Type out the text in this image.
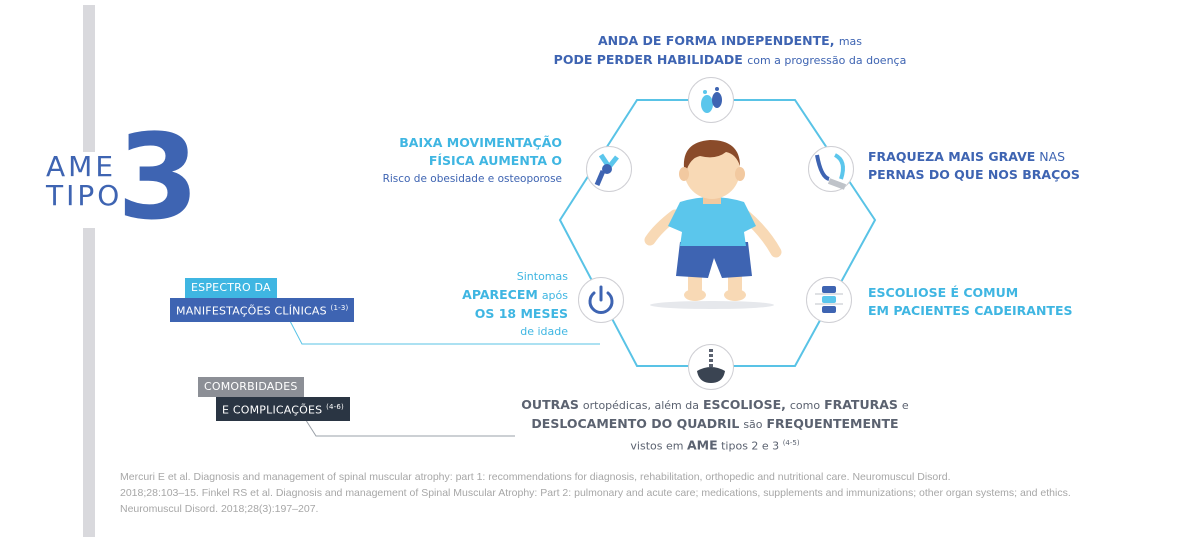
AME
TIPO
3
ANDA DE FORMA INDEPENDENTE, mas
PODE PERDER HABILIDADE com a progressão da doença
BAIXA MOVIMENTAÇÃO
FÍSICA AUMENTA O
Risco de obesidade e osteoporose
FRAQUEZA MAIS GRAVE NAS
PERNAS DO QUE NOS BRAÇOS
Sintomas
APARECEM após
OS 18 MESES
de idade
ESCOLIOSE É COMUM
EM PACIENTES CADEIRANTES
OUTRAS ortopédicas, além da ESCOLIOSE, como FRATURAS e
DESLOCAMENTO DO QUADRIL são FREQUENTEMENTE
vistos em AME tipos 2 e 3 $^{(4-5)}$
ESPECTRO DA
MANIFESTAÇÕES CLÍNICAS $^{(1-3)}$
COMORBIDADES
E COMPLICAÇÕES $^{(4-6)}$
Mercuri E et al. Diagnosis and management of spinal muscular atrophy: part 1: recommendations for diagnosis, rehabilitation, orthopedic and nutritional care. Neuromuscul Disord.
2018;28:103–15. Finkel RS et al. Diagnosis and management of Spinal Muscular Atrophy: Part 2: pulmonary and acute care; medications, supplements and immunizations; other organ systems; and ethics.
Neuromuscul Disord. 2018;28(3):197–207.
